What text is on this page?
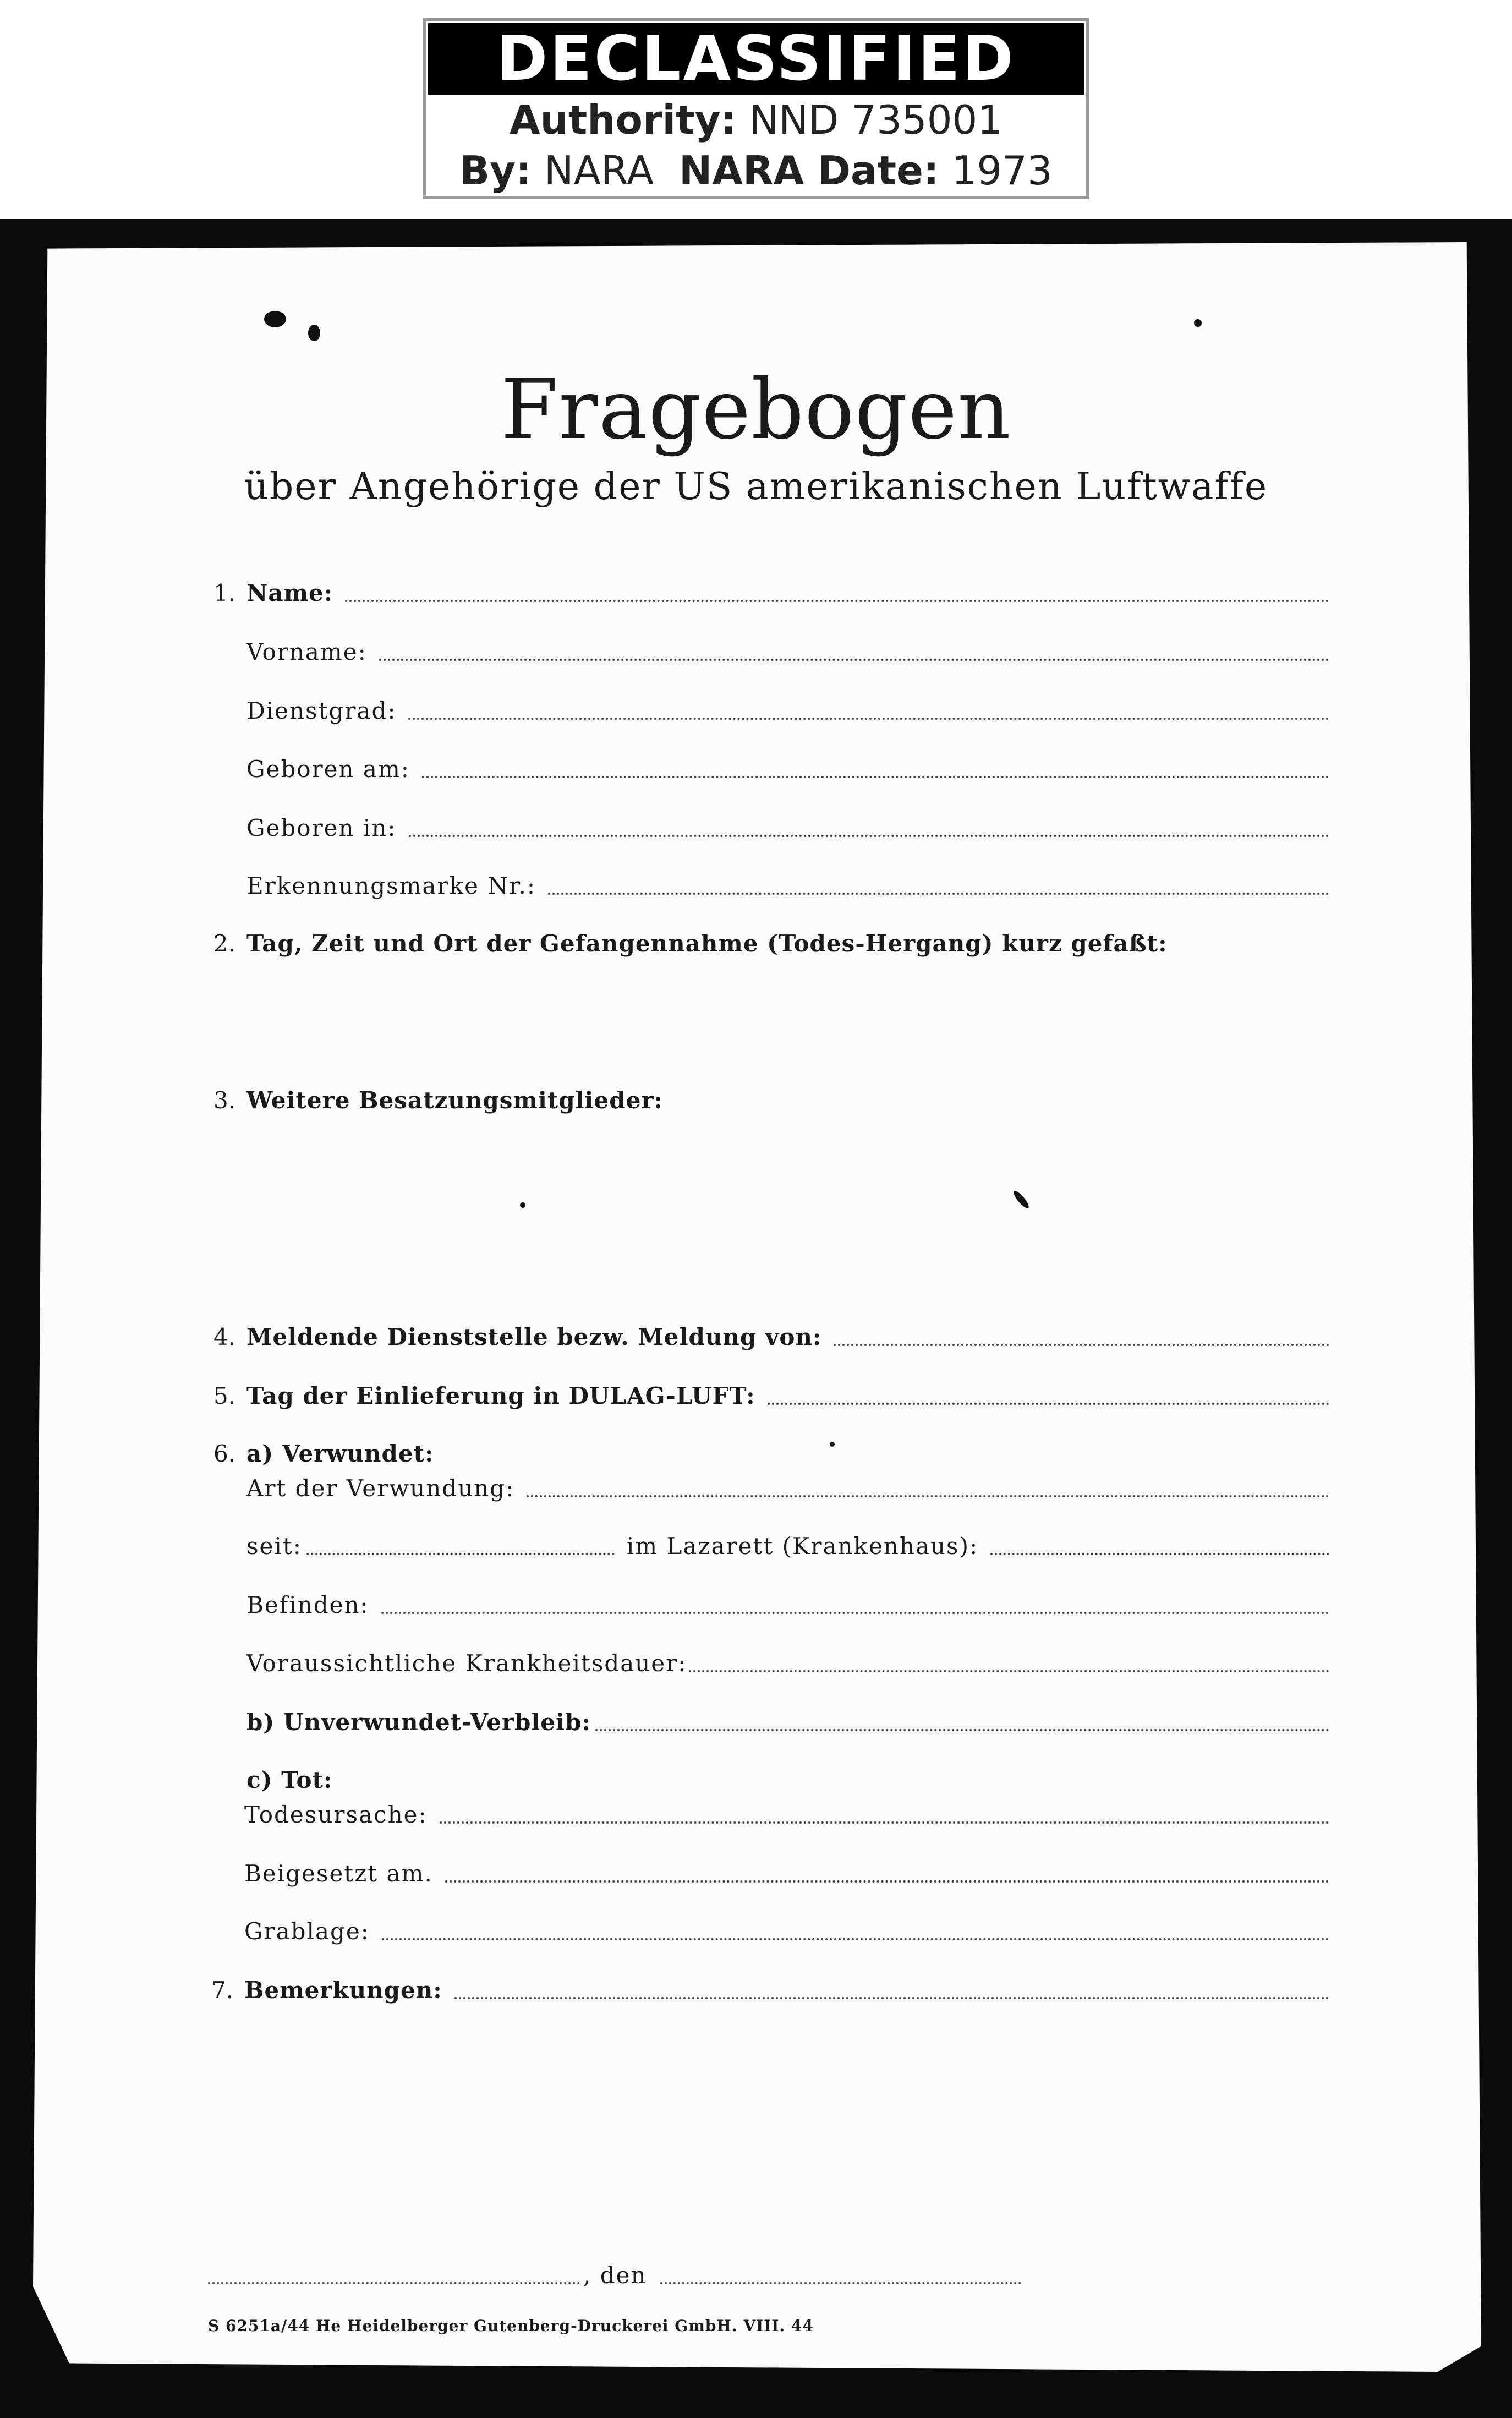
DECLASSIFIED
Authority: NND 735001
By: NARA NARA Date: 1973
Fragebogen
über Angehörige der US amerikanischen Luftwaffe
1. Name:
Vorname:
Dienstgrad:
Geboren am:
Geboren in:
Erkennungsmarke Nr.:
2. Tag, Zeit und Ort der Gefangennahme (Todes-Hergang) kurz gefaßt:
3. Weitere Besatzungsmitglieder:
4. Meldende Dienststelle bezw. Meldung von:
5. Tag der Einlieferung in DULAG-LUFT:
6. a) Verwundet:
Art der Verwundung:
seit:	im Lazarett (Krankenhaus):
Befinden:
Voraussichtliche Krankheitsdauer:
b) Unverwundet-Verbleib:
c) Tot:
Todesursache:
Beigesetzt am.
Grablage:
7. Bemerkungen:
, den
S 6251a/44 He Heidelberger Gutenberg-Druckerei GmbH. VIII. 44
